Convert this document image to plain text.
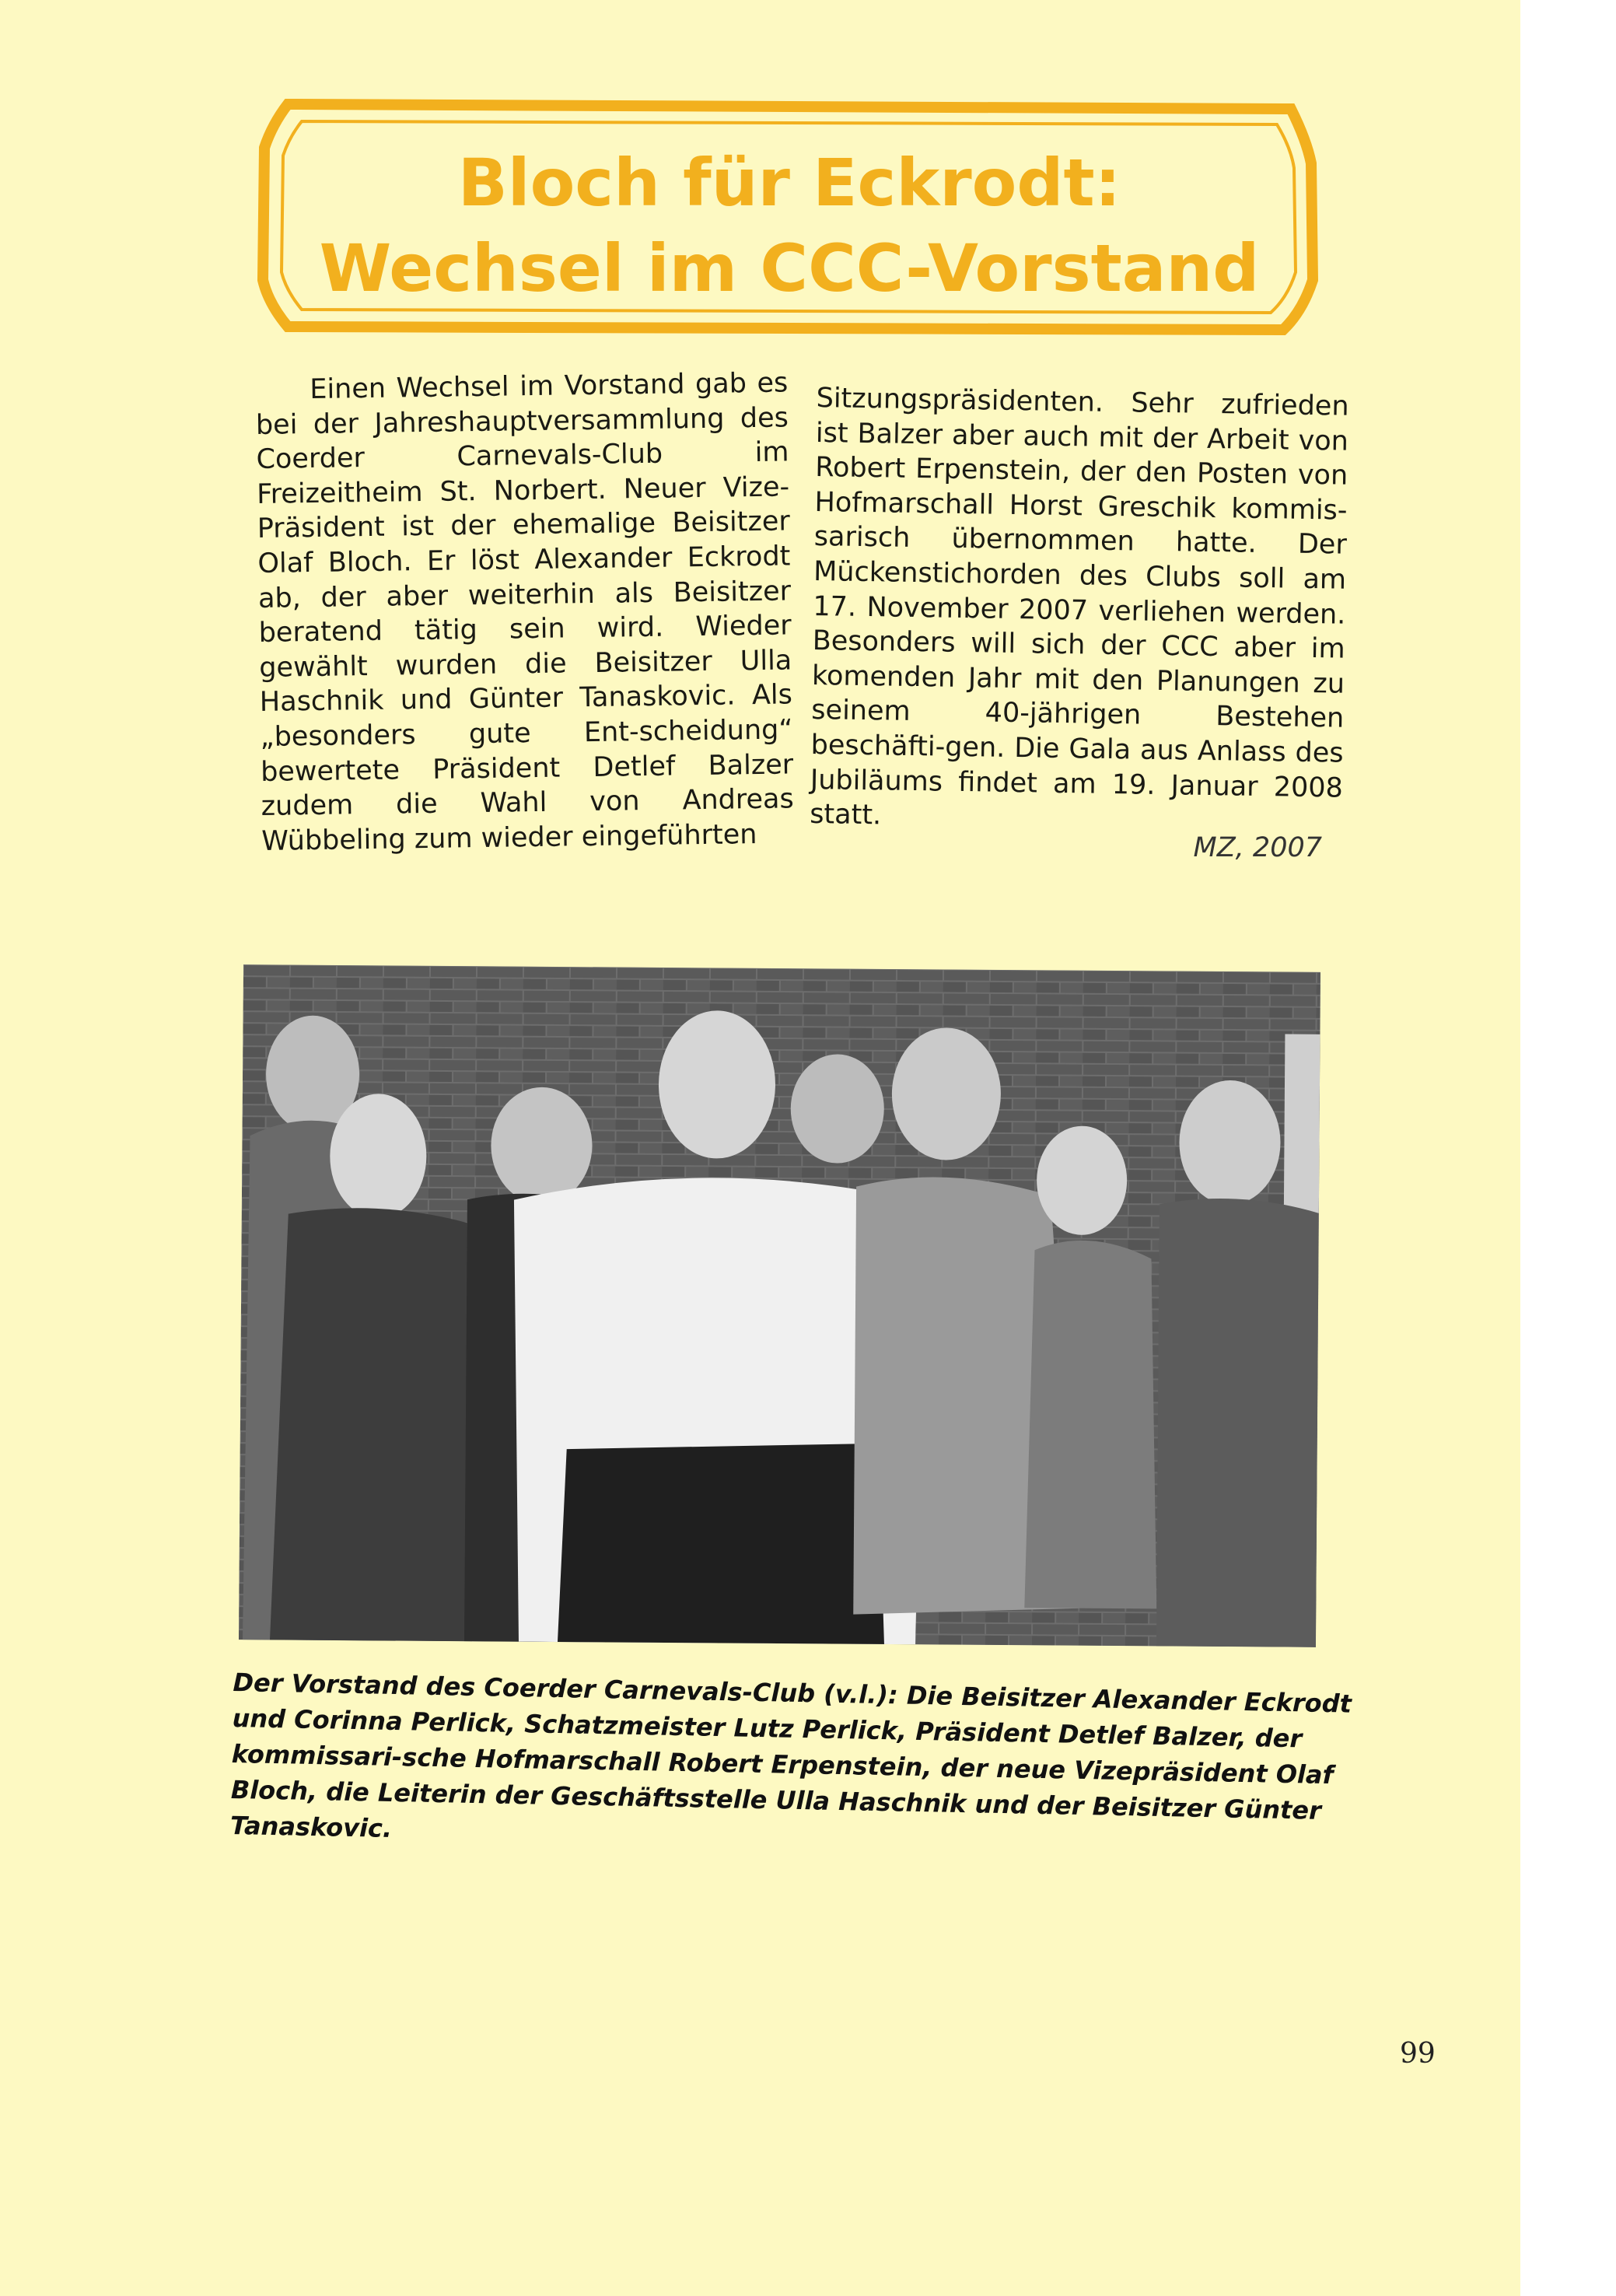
Bloch für Eckrodt:
Wechsel im CCC-Vorstand
Einen Wechsel im Vorstand gab es bei der Jahreshauptversammlung des Coerder Carnevals-Club im Freizeitheim St. Norbert. Neuer Vize-Präsident ist der ehemalige Beisitzer Olaf Bloch. Er löst Alexander Eckrodt ab, der aber weiterhin als Beisitzer beratend tätig sein wird. Wieder gewählt wurden die Beisitzer Ulla Haschnik und Günter Tanaskovic. Als „besonders gute Ent-scheidung“ bewertete Präsident Detlef Balzer zudem die Wahl von Andreas Wübbeling zum wieder eingeführten
Sitzungspräsidenten. Sehr zufrieden ist Balzer aber auch mit der Arbeit von Robert Erpenstein, der den Posten von Hofmarschall Horst Greschik kommis-sarisch übernommen hatte. Der Mückenstichorden des Clubs soll am 17. November 2007 verliehen werden. Besonders will sich der CCC aber im komenden Jahr mit den Planungen zu seinem 40-jährigen Bestehen beschäfti-gen. Die Gala aus Anlass des Jubiläums findet am 19. Januar 2008 statt.
MZ, 2007
Der Vorstand des Coerder Carnevals-Club (v.l.): Die Beisitzer Alexander Eckrodt und Corinna Perlick, Schatzmeister Lutz Perlick, Präsident Detlef Balzer, der kommissari-sche Hofmarschall Robert Erpenstein, der neue Vizepräsident Olaf Bloch, die Leiterin der Geschäftsstelle Ulla Haschnik und der Beisitzer Günter Tanaskovic.
99
